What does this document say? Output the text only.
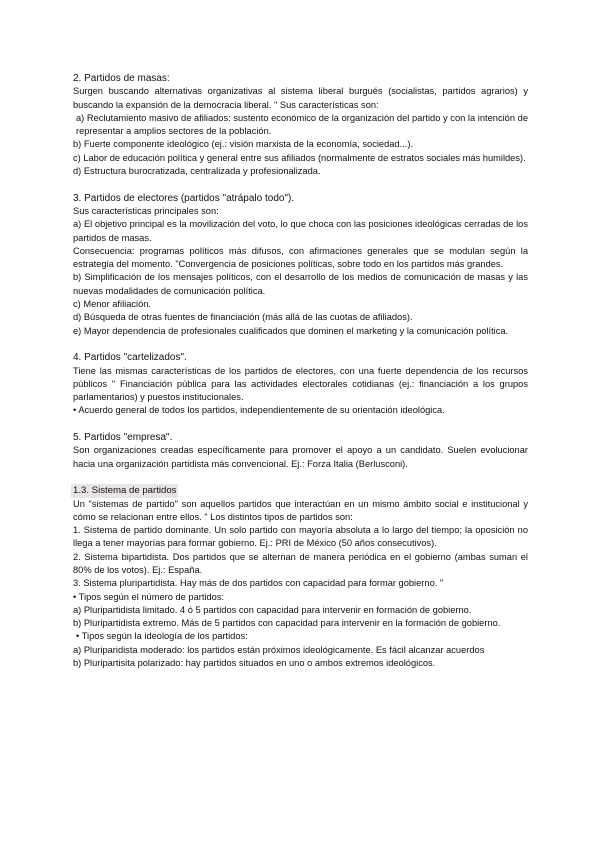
2. Partidos de masas:

Surgen buscando alternativas organizativas al sistema liberal burgués (socialistas, partidos agrarios) y buscando la expansión de la democracia liberal. " Sus características son:

a) Reclutamiento masivo de afiliados: sustento económico de la organización del partido y con la intención de representar a amplios sectores de la población.

b) Fuerte componente ideológico (ej.: visión marxista de la economía, sociedad...).

c) Labor de educación política y general entre sus afiliados (normalmente de estratos sociales más humildes).

d) Estructura burocratizada, centralizada y profesionalizada.

3. Partidos de electores (partidos "atrápalo todo").

Sus características principales son:

a) El objetivo principal es la movilización del voto, lo que choca con las posiciones ideológicas cerradas de los partidos de masas.

Consecuencia: programas políticos más difusos, con afirmaciones generales que se modulan según la estrategia del momento. "Convergencia de posiciones políticas, sobre todo en los partidos más grandes.

b) Simplificación de los mensajes políticos, con el desarrollo de los medios de comunicación de masas y las nuevas modalidades de comunicación política.

c) Menor afiliación.

d) Búsqueda de otras fuentes de financiación (más allá de las cuotas de afiliados).

e) Mayor dependencia de profesionales cualificados que dominen el marketing y la comunicación política.

4. Partidos "cartelizados".

Tiene las mismas características de los partidos de electores, con una fuerte dependencia de los recursos públicos " Financiación pública para las actividades electorales cotidianas (ej.: financiación a los grupos parlamentarios) y puestos institucionales.

• Acuerdo general de todos los partidos, independientemente de su orientación ideológica.

5. Partidos "empresa".

Son organizaciones creadas específicamente para promover el apoyo a un candidato. Suelen evolucionar hacia una organización partidista más convencional. Ej.: Forza Italia (Berlusconi).

1.3. Sistema de partidos

Un "sistemas de partido" son aquellos partidos que interactúan en un mismo ámbito social e institucional y cómo se relacionan entre ellos. " Los distintos tipos de partidos son:

1. Sistema de partido dominante. Un solo partido con mayoría absoluta a lo largo del tiempo; la oposición no llega a tener mayorías para formar gobierno. Ej.: PRI de México (50 años consecutivos).

2. Sistema bipartidista. Dos partidos que se alternan de manera periódica en el gobierno (ambas suman el 80% de los votos). Ej.: España.

3. Sistema pluripartidista. Hay más de dos partidos con capacidad para formar gobierno. "

• Tipos según el número de partidos:

a) Pluripartidista limitado. 4 ó 5 partidos con capacidad para intervenir en formación de gobierno.

b) Pluripartidista extremo. Más de 5 partidos con capacidad para intervenir en la formación de gobierno.

• Tipos según la ideología de los partidos:

a) Pluriparidista moderado: los partidos están próximos ideológicamente. Es fácil alcanzar acuerdos

b) Pluripartisita polarizado: hay partidos situados en uno o ambos extremos ideológicos.
